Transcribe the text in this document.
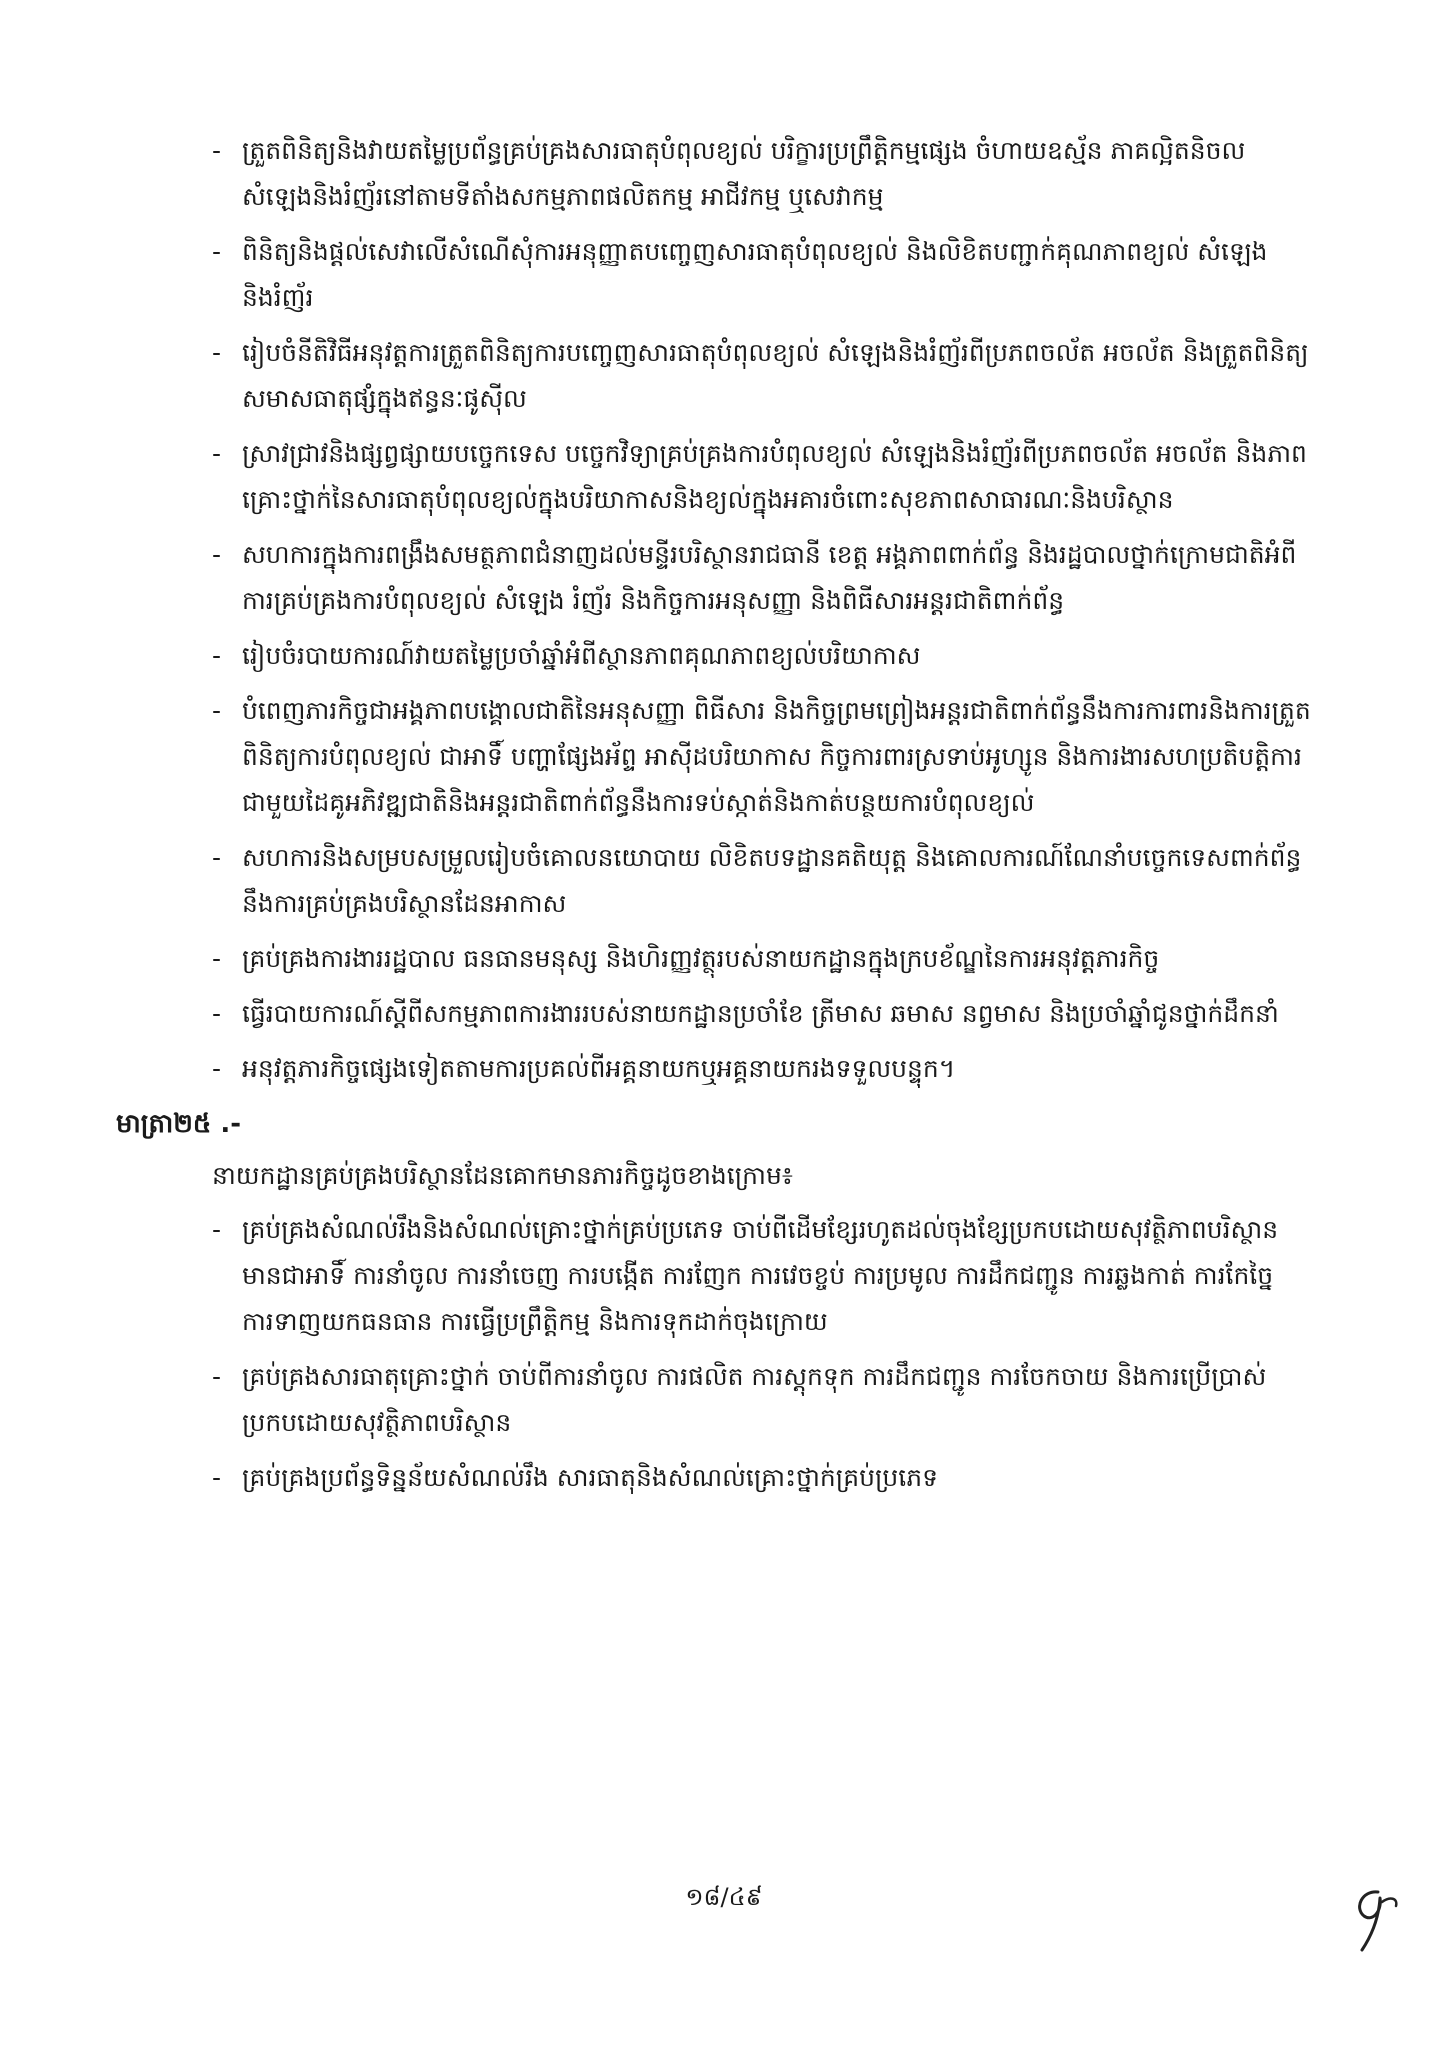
- ត្រួតពិនិត្យនិងវាយតម្លៃប្រព័ន្ធគ្រប់គ្រងសារធាតុបំពុលខ្យល់ បរិក្ខារប្រព្រឹត្តិកម្មផ្សេង ចំហាយឧស្ម័ន ភាគល្អិតនិចល សំឡេងនិងរំញ័រនៅតាមទីតាំងសកម្មភាពផលិតកម្ម អាជីវកម្ម ឬសេវាកម្ម
- ពិនិត្យនិងផ្តល់សេវាលើសំណើសុំការអនុញ្ញាតបញ្ចេញសារធាតុបំពុលខ្យល់ និងលិខិតបញ្ជាក់គុណភាពខ្យល់ សំឡេងនិងរំញ័រ
- រៀបចំនីតិវិធីអនុវត្តការត្រួតពិនិត្យការបញ្ចេញសារធាតុបំពុលខ្យល់ សំឡេងនិងរំញ័រពីប្រភពចល័ត អចល័ត និងត្រួតពិនិត្យសមាសធាតុផ្សំក្នុងឥន្ធនៈផូស៊ីល
- ស្រាវជ្រាវនិងផ្សព្វផ្សាយបច្ចេកទេស បច្ចេកវិទ្យាគ្រប់គ្រងការបំពុលខ្យល់ សំឡេងនិងរំញ័រពីប្រភពចល័ត អចល័ត និងភាពគ្រោះថ្នាក់នៃសារធាតុបំពុលខ្យល់ក្នុងបរិយាកាសនិងខ្យល់ក្នុងអគារចំពោះសុខភាពសាធារណៈនិងបរិស្ថាន
- សហការក្នុងការពង្រឹងសមត្ថភាពជំនាញដល់មន្ទីរបរិស្ថានរាជធានី ខេត្ត អង្គភាពពាក់ព័ន្ធ និងរដ្ឋបាលថ្នាក់ក្រោមជាតិអំពីការគ្រប់គ្រងការបំពុលខ្យល់ សំឡេង រំញ័រ និងកិច្ចការអនុសញ្ញា និងពិធីសារអន្តរជាតិពាក់ព័ន្ធ
- រៀបចំរបាយការណ៍វាយតម្លៃប្រចាំឆ្នាំអំពីស្ថានភាពគុណភាពខ្យល់បរិយាកាស
- បំពេញភារកិច្ចជាអង្គភាពបង្គោលជាតិនៃអនុសញ្ញា ពិធីសារ និងកិច្ចព្រមព្រៀងអន្តរជាតិពាក់ព័ន្ធនឹងការការពារនិងការត្រួតពិនិត្យការបំពុលខ្យល់ ជាអាទិ៍ បញ្ហាផ្សែងអ័ព្ទ អាស៊ីដបរិយាកាស កិច្ចការពារស្រទាប់អូហ្សូន និងការងារសហប្រតិបត្តិការជាមួយដៃគូអភិវឌ្ឍជាតិនិងអន្តរជាតិពាក់ព័ន្ធនឹងការទប់ស្កាត់និងកាត់បន្ថយការបំពុលខ្យល់
- សហការនិងសម្របសម្រួលរៀបចំគោលនយោបាយ លិខិតបទដ្ឋានគតិយុត្ត និងគោលការណ៍ណែនាំបច្ចេកទេសពាក់ព័ន្ធនឹងការគ្រប់គ្រងបរិស្ថានដែនអាកាស
- គ្រប់គ្រងការងាររដ្ឋបាល ធនធានមនុស្ស និងហិរញ្ញវត្ថុរបស់នាយកដ្ឋានក្នុងក្របខ័ណ្ឌនៃការអនុវត្តភារកិច្ច
- ធ្វើរបាយការណ៍ស្តីពីសកម្មភាពការងាររបស់នាយកដ្ឋានប្រចាំខែ ត្រីមាស ឆមាស នព្វមាស និងប្រចាំឆ្នាំជូនថ្នាក់ដឹកនាំ
- អនុវត្តភារកិច្ចផ្សេងទៀតតាមការប្រគល់ពីអគ្គនាយកឬអគ្គនាយករងទទួលបន្ទុក។
មាត្រា២៥ .-
នាយកដ្ឋានគ្រប់គ្រងបរិស្ថានដែនគោកមានភារកិច្ចដូចខាងក្រោម៖
- គ្រប់គ្រងសំណល់រឹងនិងសំណល់គ្រោះថ្នាក់គ្រប់ប្រភេទ ចាប់ពីដើមខ្សែរហូតដល់ចុងខ្សែប្រកបដោយសុវត្ថិភាពបរិស្ថាន មានជាអាទិ៍ ការនាំចូល ការនាំចេញ ការបង្កើត ការញែក ការវេចខ្ចប់ ការប្រមូល ការដឹកជញ្ជូន ការឆ្លងកាត់ ការកែច្នៃ ការទាញយកធនធាន ការធ្វើប្រព្រឹត្តិកម្ម និងការទុកដាក់ចុងក្រោយ
- គ្រប់គ្រងសារធាតុគ្រោះថ្នាក់ ចាប់ពីការនាំចូល ការផលិត ការស្តុកទុក ការដឹកជញ្ជូន ការចែកចាយ និងការប្រើប្រាស់ប្រកបដោយសុវត្ថិភាពបរិស្ថាន
- គ្រប់គ្រងប្រព័ន្ធទិន្នន័យសំណល់រឹង សារធាតុនិងសំណល់គ្រោះថ្នាក់គ្រប់ប្រភេទ
១៨/៤៩
